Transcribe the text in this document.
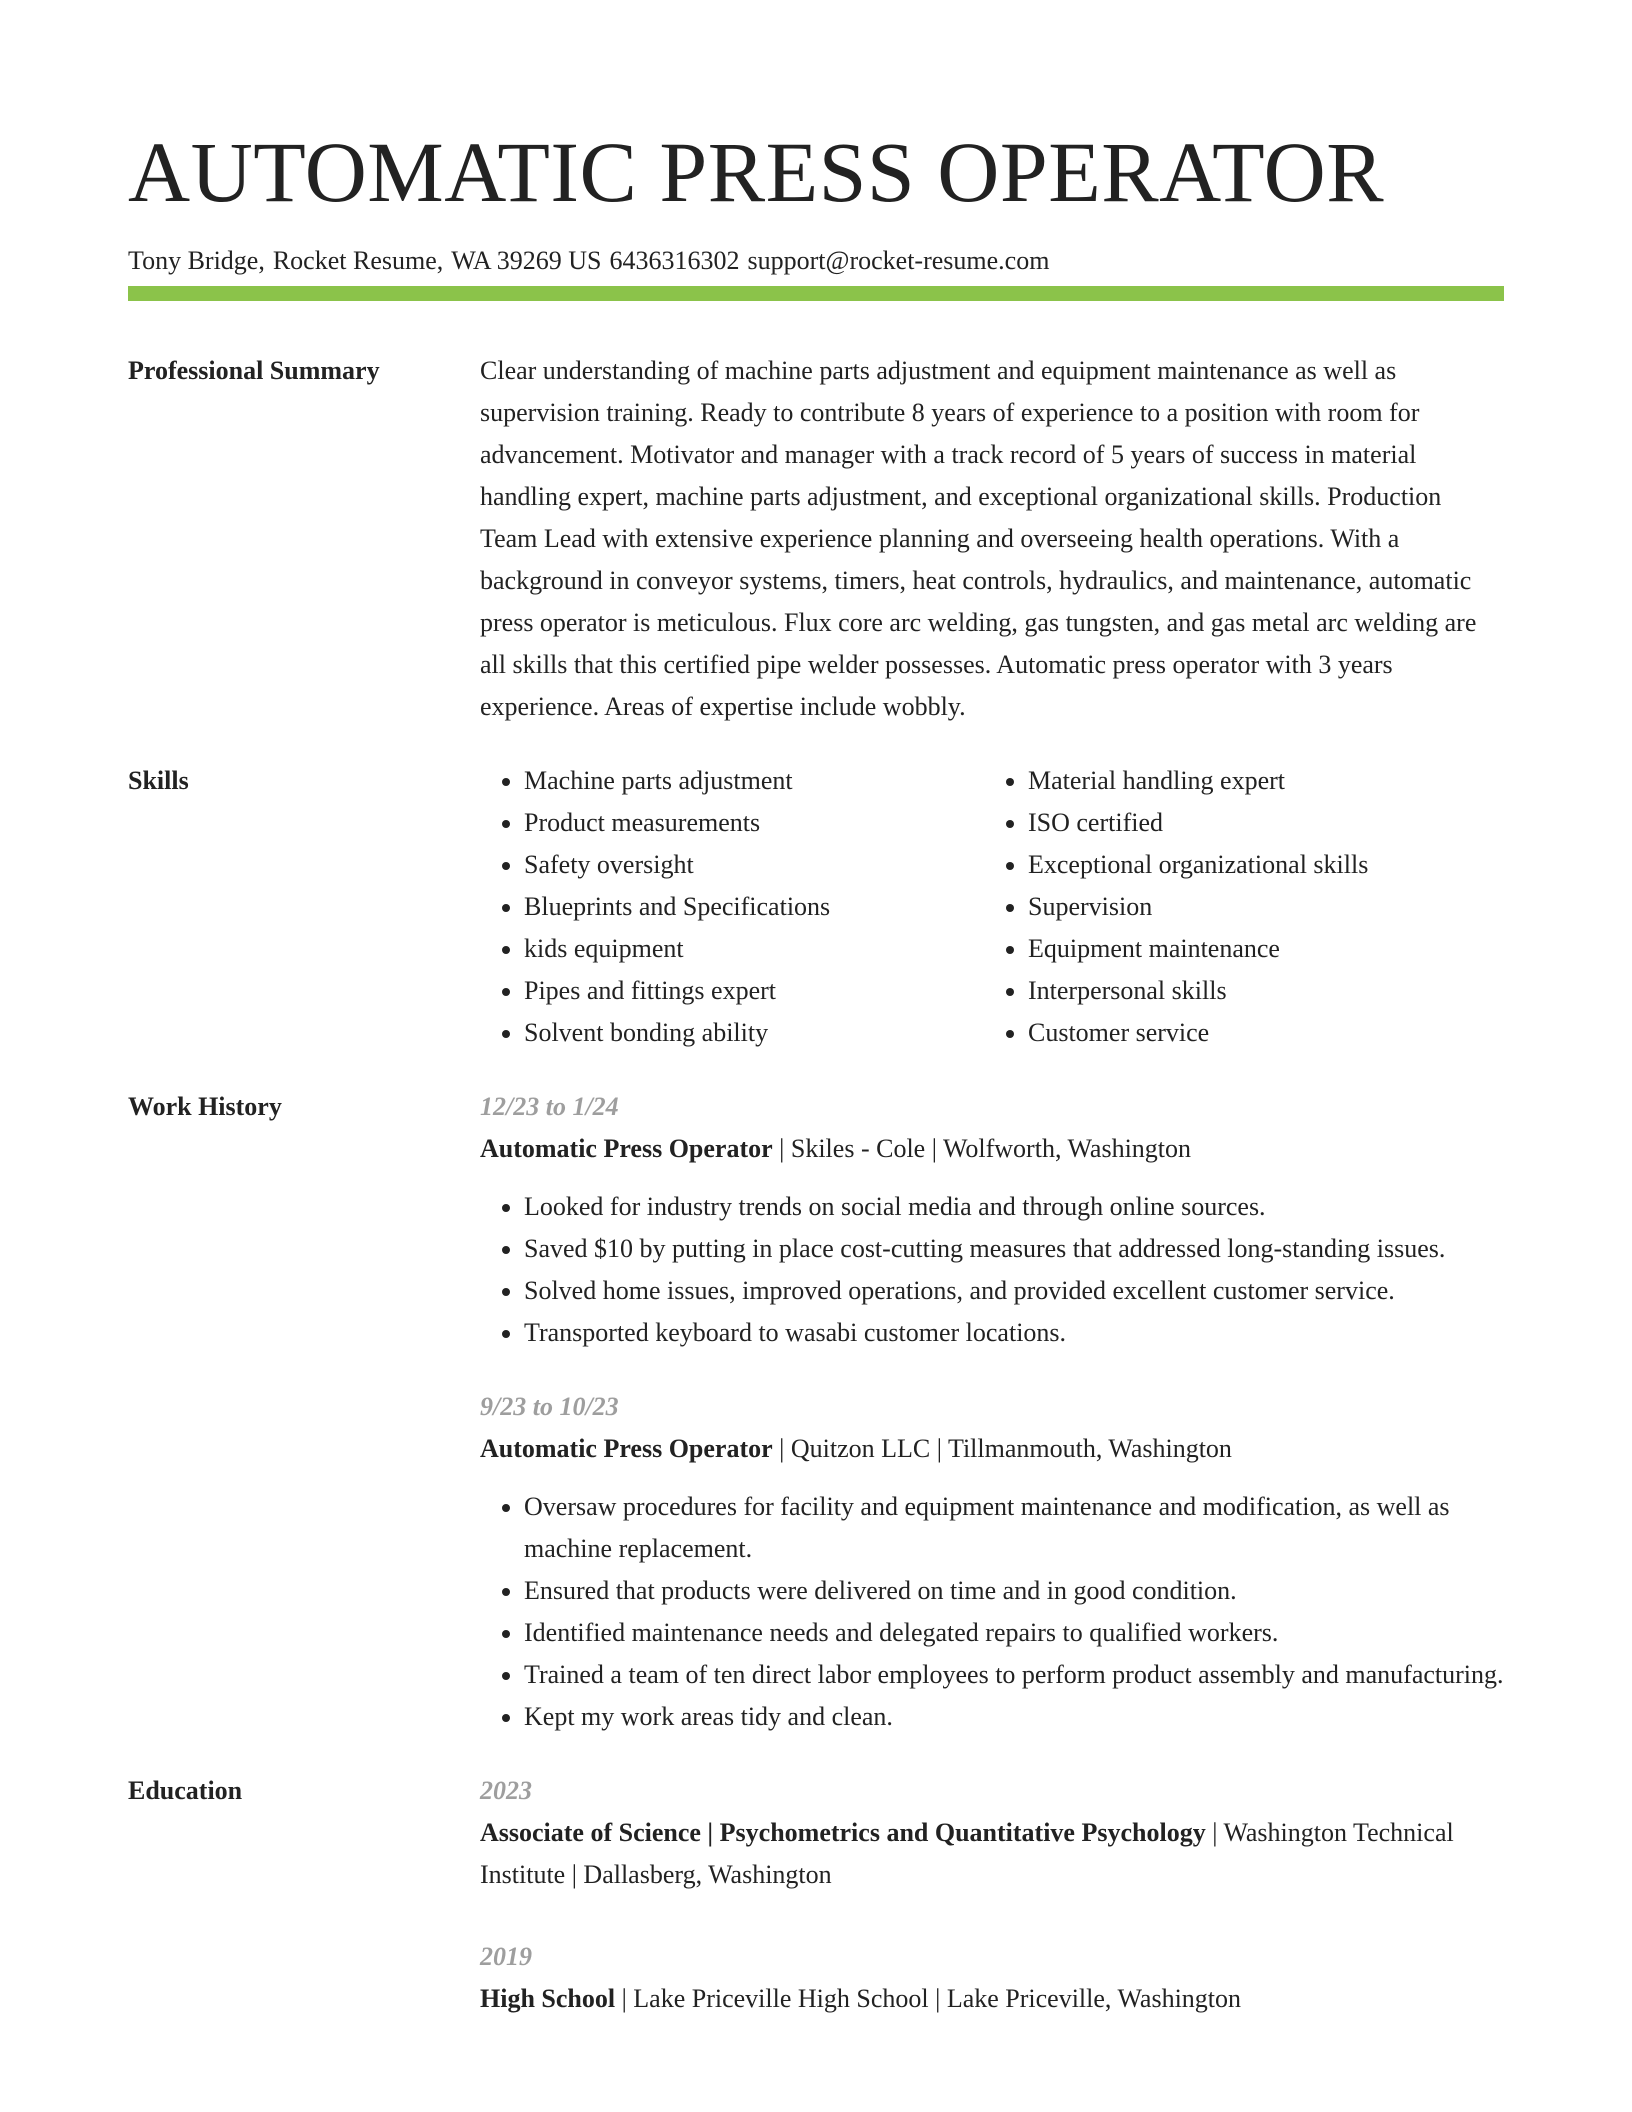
AUTOMATIC PRESS OPERATOR
Tony Bridge, Rocket Resume, WA 39269 US 6436316302 support@rocket-resume.com
Professional Summary	Clear understanding of machine parts adjustment and equipment maintenance as well as supervision training. Ready to contribute 8 years of experience to a position with room for advancement. Motivator and manager with a track record of 5 years of success in material handling expert, machine parts adjustment, and exceptional organizational skills. Production Team Lead with extensive experience planning and overseeing health operations. With a background in conveyor systems, timers, heat controls, hydraulics, and maintenance, automatic press operator is meticulous. Flux core arc welding, gas tungsten, and gas metal arc welding are all skills that this certified pipe welder possesses. Automatic press operator with 3 years experience. Areas of expertise include wobbly.

Skills
•	Machine parts adjustment
• Product measurements
• Safety oversight
• Blueprints and Specifications
• kids equipment
• Pipes and fittings expert
• Solvent bonding ability
• Material handling expert
• ISO certified
• Exceptional organizational skills
• Supervision
• Equipment maintenance
• Interpersonal skills
• Customer service
Work History	12/23 to 1/24
Automatic Press Operator | Skiles - Cole | Wolfworth, Washington
• Looked for industry trends on social media and through online sources.
• Saved $10 by putting in place cost-cutting measures that addressed long-standing issues.
• Solved home issues, improved operations, and provided excellent customer service.
• Transported keyboard to wasabi customer locations.
9/23 to 10/23
Automatic Press Operator | Quitzon LLC | Tillmanmouth, Washington
• Oversaw procedures for facility and equipment maintenance and modification, as well as machine replacement.
• Ensured that products were delivered on time and in good condition.
• Identified maintenance needs and delegated repairs to qualified workers.
• Trained a team of ten direct labor employees to perform product assembly and manufacturing.
• Kept my work areas tidy and clean.
Education	2023
Associate of Science | Psychometrics and Quantitative Psychology | Washington Technical Institute | Dallasberg, Washington
2019
High School | Lake Priceville High School | Lake Priceville, Washington
